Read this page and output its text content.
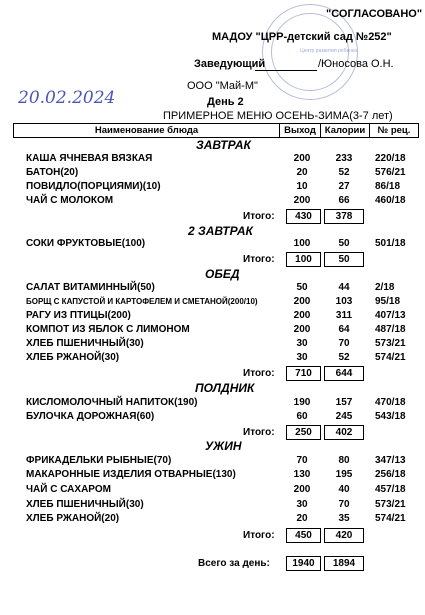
Центр развития ребенка
"СОГЛАСОВАНО"
МАДОУ "ЦРР-детский сад №252"
Заведующий	/Юносова О.Н.
ООО "Май-М"
20.02.2024	День 2
ПРИМЕРНОЕ МЕНЮ ОСЕНЬ-ЗИМА(3-7 лет)
Наименование блюда	Выход	Калории	№ рец.
ЗАВТРАК
КАША ЯЧНЕВАЯ ВЯЗКАЯ	200	233	220/18
БАТОН(20)	20	52	576/21
ПОВИДЛО(ПОРЦИЯМИ)(10)	10	27	86/18
ЧАЙ С МОЛОКОМ	200	66	460/18
Итого:	430	378
2 ЗАВТРАК
СОКИ ФРУКТОВЫЕ(100)	100	50	501/18
Итого:	100	50
ОБЕД
САЛАТ ВИТАМИННЫЙ(50)	50	44	2/18
БОРЩ С КАПУСТОЙ И КАРТОФЕЛЕМ И СМЕТАНОЙ(200/10)	200	103	95/18
РАГУ ИЗ ПТИЦЫ(200)	200	311	407/13
КОМПОТ ИЗ ЯБЛОК С ЛИМОНОМ	200	64	487/18
ХЛЕБ ПШЕНИЧНЫЙ(30)	30	70	573/21
ХЛЕБ РЖАНОЙ(30)	30	52	574/21
Итого:	710	644
ПОЛДНИК
КИСЛОМОЛОЧНЫЙ НАПИТОК(190)	190	157	470/18
БУЛОЧКА ДОРОЖНАЯ(60)	60	245	543/18
Итого:	250	402
УЖИН
ФРИКАДЕЛЬКИ РЫБНЫЕ(70)	70	80	347/13
МАКАРОННЫЕ ИЗДЕЛИЯ ОТВАРНЫЕ(130)	130	195	256/18
ЧАЙ С САХАРОМ	200	40	457/18
ХЛЕБ ПШЕНИЧНЫЙ(30)	30	70	573/21
ХЛЕБ РЖАНОЙ(20)	20	35	574/21
Итого:	450	420
Всего за день:	1940	1894
